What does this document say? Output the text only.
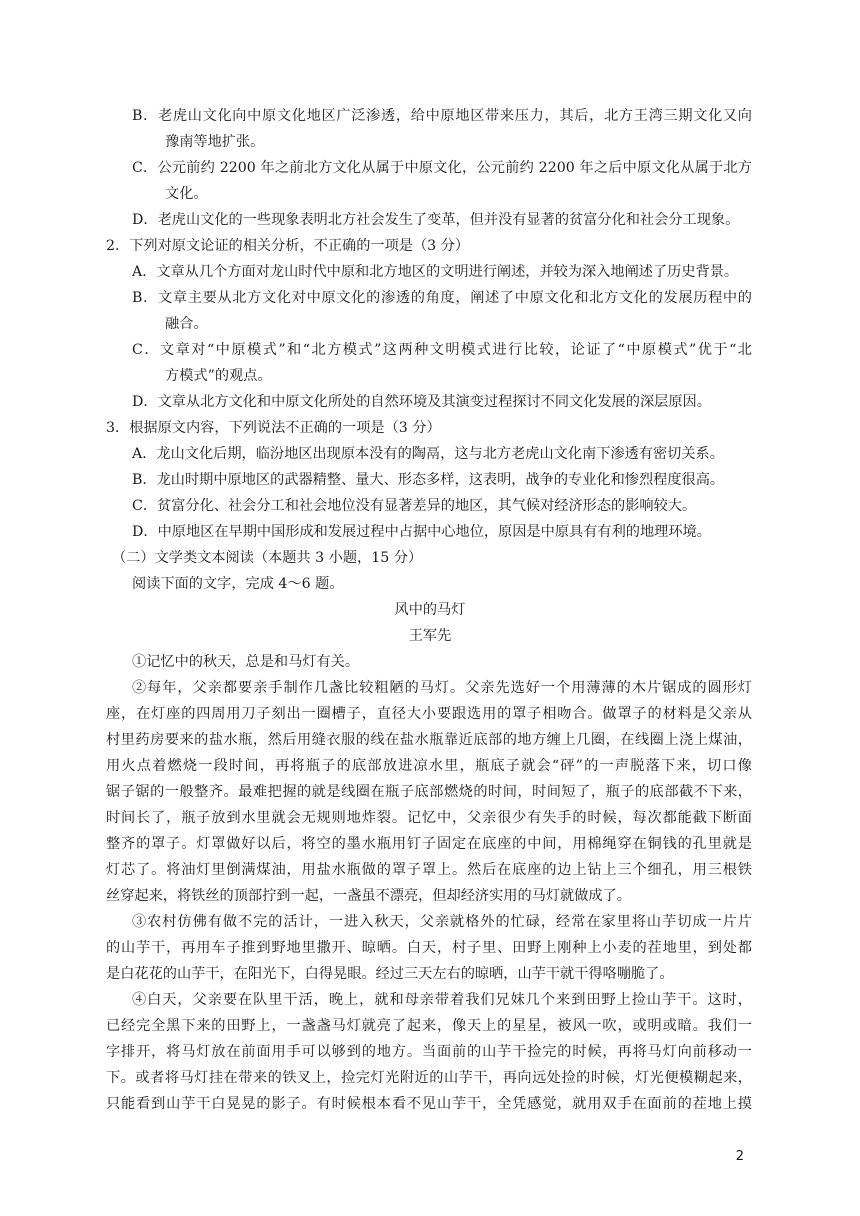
B．老虎山文化向中原文化地区广泛渗透，给中原地区带来压力，其后，北方王湾三期文化又向
豫南等地扩张。
C．公元前约 2200 年之前北方文化从属于中原文化，公元前约 2200 年之后中原文化从属于北方
文化。
D．老虎山文化的一些现象表明北方社会发生了变革，但并没有显著的贫富分化和社会分工现象。
2．下列对原文论证的相关分析，不正确的一项是（3 分）
A．文章从几个方面对龙山时代中原和北方地区的文明进行阐述，并较为深入地阐述了历史背景。
B．文章主要从北方文化对中原文化的渗透的角度，阐述了中原文化和北方文化的发展历程中的
融合。
C．文章对“中原模式”和“北方模式”这两种文明模式进行比较，论证了“中原模式”优于“北
方模式”的观点。
D．文章从北方文化和中原文化所处的自然环境及其演变过程探讨不同文化发展的深层原因。
3．根据原文内容，下列说法不正确的一项是（3 分）
A．龙山文化后期，临汾地区出现原本没有的陶鬲，这与北方老虎山文化南下渗透有密切关系。
B．龙山时期中原地区的武器精整、量大、形态多样，这表明，战争的专业化和惨烈程度很高。
C．贫富分化、社会分工和社会地位没有显著差异的地区，其气候对经济形态的影响较大。
D．中原地区在早期中国形成和发展过程中占据中心地位，原因是中原具有有利的地理环境。
（二）文学类文本阅读（本题共 3 小题，15 分）
阅读下面的文字，完成 4～6 题。
风中的马灯
王军先
①记忆中的秋天，总是和马灯有关。
②每年，父亲都要亲手制作几盏比较粗陋的马灯。父亲先选好一个用薄薄的木片锯成的圆形灯
座，在灯座的四周用刀子刻出一圈槽子，直径大小要跟选用的罩子相吻合。做罩子的材料是父亲从
村里药房要来的盐水瓶，然后用缝衣服的线在盐水瓶靠近底部的地方缠上几圈，在线圈上浇上煤油，
用火点着燃烧一段时间，再将瓶子的底部放进凉水里，瓶底子就会“砰”的一声脱落下来，切口像
锯子锯的一般整齐。最难把握的就是线圈在瓶子底部燃烧的时间，时间短了，瓶子的底部截不下来，
时间长了，瓶子放到水里就会无规则地炸裂。记忆中，父亲很少有失手的时候，每次都能截下断面
整齐的罩子。灯罩做好以后，将空的墨水瓶用钉子固定在底座的中间，用棉绳穿在铜钱的孔里就是
灯芯了。将油灯里倒满煤油，用盐水瓶做的罩子罩上。然后在底座的边上钻上三个细孔，用三根铁
丝穿起来，将铁丝的顶部拧到一起，一盏虽不漂亮，但却经济实用的马灯就做成了。
③农村仿佛有做不完的活计，一进入秋天，父亲就格外的忙碌，经常在家里将山芋切成一片片
的山芋干，再用车子推到野地里撒开、晾晒。白天，村子里、田野上刚种上小麦的茬地里，到处都
是白花花的山芋干，在阳光下，白得晃眼。经过三天左右的晾晒，山芋干就干得咯嘣脆了。
④白天，父亲要在队里干活，晚上，就和母亲带着我们兄妹几个来到田野上捡山芋干。这时，
已经完全黑下来的田野上，一盏盏马灯就亮了起来，像天上的星星，被风一吹，或明或暗。我们一
字排开，将马灯放在前面用手可以够到的地方。当面前的山芋干捡完的时候，再将马灯向前移动一
下。或者将马灯挂在带来的铁叉上，捡完灯光附近的山芋干，再向远处捡的时候，灯光便模糊起来，
只能看到山芋干白晃晃的影子。有时候根本看不见山芋干，全凭感觉，就用双手在面前的茬地上摸
2
